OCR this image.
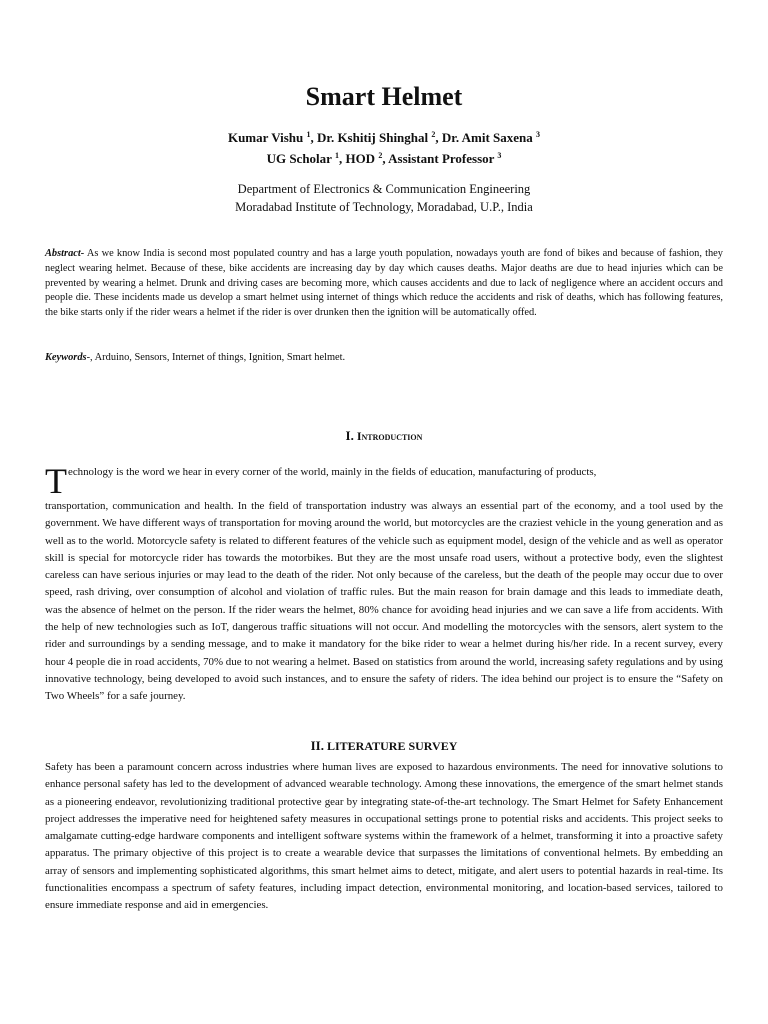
Smart Helmet
Kumar Vishu $^1$, Dr. Kshitij Shinghal $^2$, Dr. Amit Saxena $^3$
UG Scholar $^1$, HOD $^2$, Assistant Professor $^3$
Department of Electronics & Communication Engineering
Moradabad Institute of Technology, Moradabad, U.P., India

Abstract- As we know India is second most populated country and has a large youth population, nowadays youth are fond of bikes and because of fashion, they neglect wearing helmet. Because of these, bike accidents are increasing day by day which causes deaths. Major deaths are due to head injuries which can be prevented by wearing a helmet. Drunk and driving cases are becoming more, which causes accidents and due to lack of negligence where an accident occurs and people die. These incidents made us develop a smart helmet using internet of things which reduce the accidents and risk of deaths, which has following features, the bike starts only if the rider wears a helmet if the rider is over drunken then the ignition will be automatically offed.

Keywords-, Arduino, Sensors, Internet of things, Ignition, Smart helmet.

I. Introduction

Technology is the word we hear in every corner of the world, mainly in the fields of education, manufacturing of products,

transportation, communication and health. In the field of transportation industry was always an essential part of the economy, and a tool used by the government. We have different ways of transportation for moving around the world, but motorcycles are the craziest vehicle in the young generation and as well as to the world. Motorcycle safety is related to different features of the vehicle such as equipment model, design of the vehicle and as well as operator skill is special for motorcycle rider has towards the motorbikes. But they are the most unsafe road users, without a protective body, even the slightest careless can have serious injuries or may lead to the death of the rider. Not only because of the careless, but the death of the people may occur due to over speed, rash driving, over consumption of alcohol and violation of traffic rules. But the main reason for brain damage and this leads to immediate death, was the absence of helmet on the person. If the rider wears the helmet, 80% chance for avoiding head injuries and we can save a life from accidents. With the help of new technologies such as IoT, dangerous traffic situations will not occur. And modelling the motorcycles with the sensors, alert system to the rider and surroundings by a sending message, and to make it mandatory for the bike rider to wear a helmet during his/her ride. In a recent survey, every hour 4 people die in road accidents, 70% due to not wearing a helmet. Based on statistics from around the world, increasing safety regulations and by using innovative technology, being developed to avoid such instances, and to ensure the safety of riders. The idea behind our project is to ensure the “Safety on Two Wheels” for a safe journey.

II. LITERATURE SURVEY

Safety has been a paramount concern across industries where human lives are exposed to hazardous environments. The need for innovative solutions to enhance personal safety has led to the development of advanced wearable technology. Among these innovations, the emergence of the smart helmet stands as a pioneering endeavor, revolutionizing traditional protective gear by integrating state-of-the-art technology. The Smart Helmet for Safety Enhancement project addresses the imperative need for heightened safety measures in occupational settings prone to potential risks and accidents. This project seeks to amalgamate cutting-edge hardware components and intelligent software systems within the framework of a helmet, transforming it into a proactive safety apparatus. The primary objective of this project is to create a wearable device that surpasses the limitations of conventional helmets. By embedding an array of sensors and implementing sophisticated algorithms, this smart helmet aims to detect, mitigate, and alert users to potential hazards in real-time. Its functionalities encompass a spectrum of safety features, including impact detection, environmental monitoring, and location-based services, tailored to ensure immediate response and aid in emergencies.
